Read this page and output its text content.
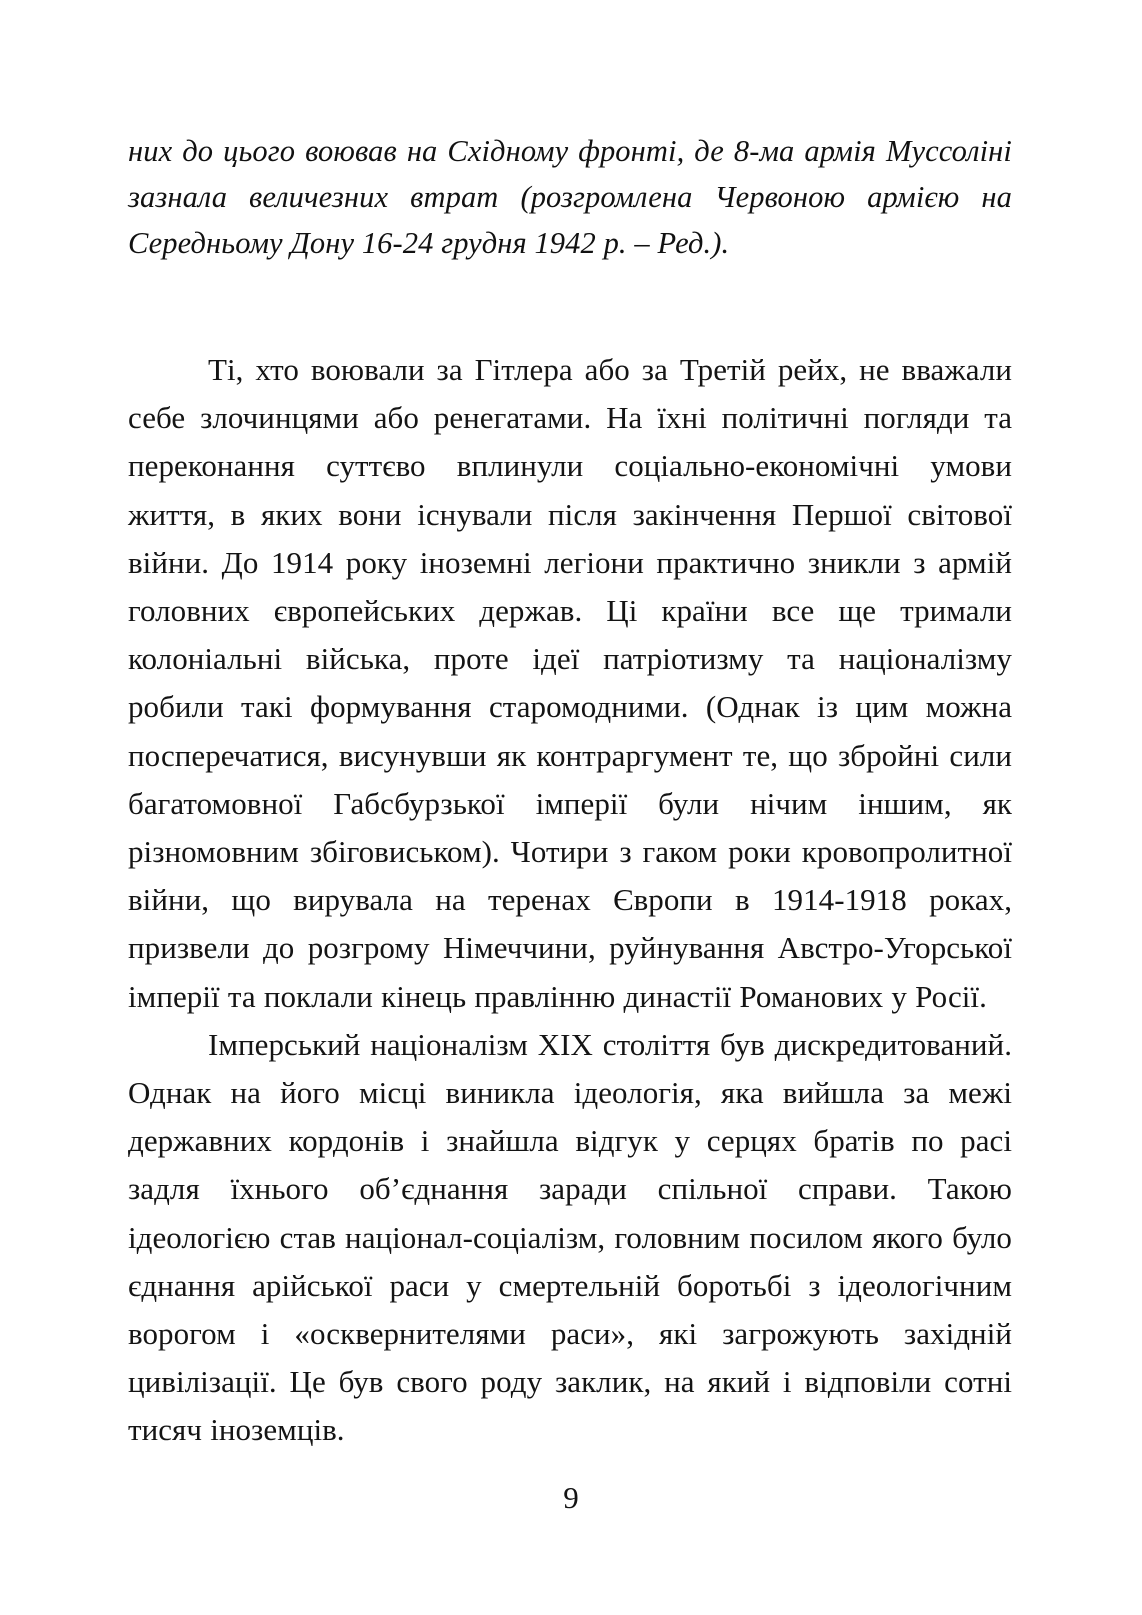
них до цього воював на Східному фронті, де 8-ма армія Муссоліні зазнала величезних втрат (розгромлена Червоною армією на Середньому Дону 16-24 грудня 1942 р. – Ред.).

Ті, хто воювали за Гітлера або за Третій рейх, не вважали себе злочинцями або ренегатами. На їхні політичні погляди та переконання суттєво вплинули соціально-економічні умови життя, в яких вони існували після закінчення Першої світової війни. До 1914 року іноземні легіони практично зникли з армій головних європейських держав. Ці країни все ще тримали колоніальні війська, проте ідеї патріотизму та націоналізму робили такі формування старомодними. (Однак із цим можна посперечатися, висунувши як контраргумент те, що збройні сили багатомовної Габсбурзької імперії були нічим іншим, як різномовним збіговиськом). Чотири з гаком роки кровопролитної війни, що вирувала на теренах Європи в 1914-1918 роках, призвели до розгрому Німеччини, руйнування Австро-Угорської імперії та поклали кінець правлінню династії Романових у Росії.

Імперський націоналізм XIX століття був дискредитований. Однак на його місці виникла ідеологія, яка вийшла за межі державних кордонів і знайшла відгук у серцях братів по расі задля їхнього об’єднання заради спільної справи. Такою ідеологією став націонал-соціалізм, головним посилом якого було єднання арійської раси у смертельній боротьбі з ідеологічним ворогом і «осквернителями раси», які загрожують західній цивілізації. Це був свого роду заклик, на який і відповіли сотні тисяч іноземців.

9
